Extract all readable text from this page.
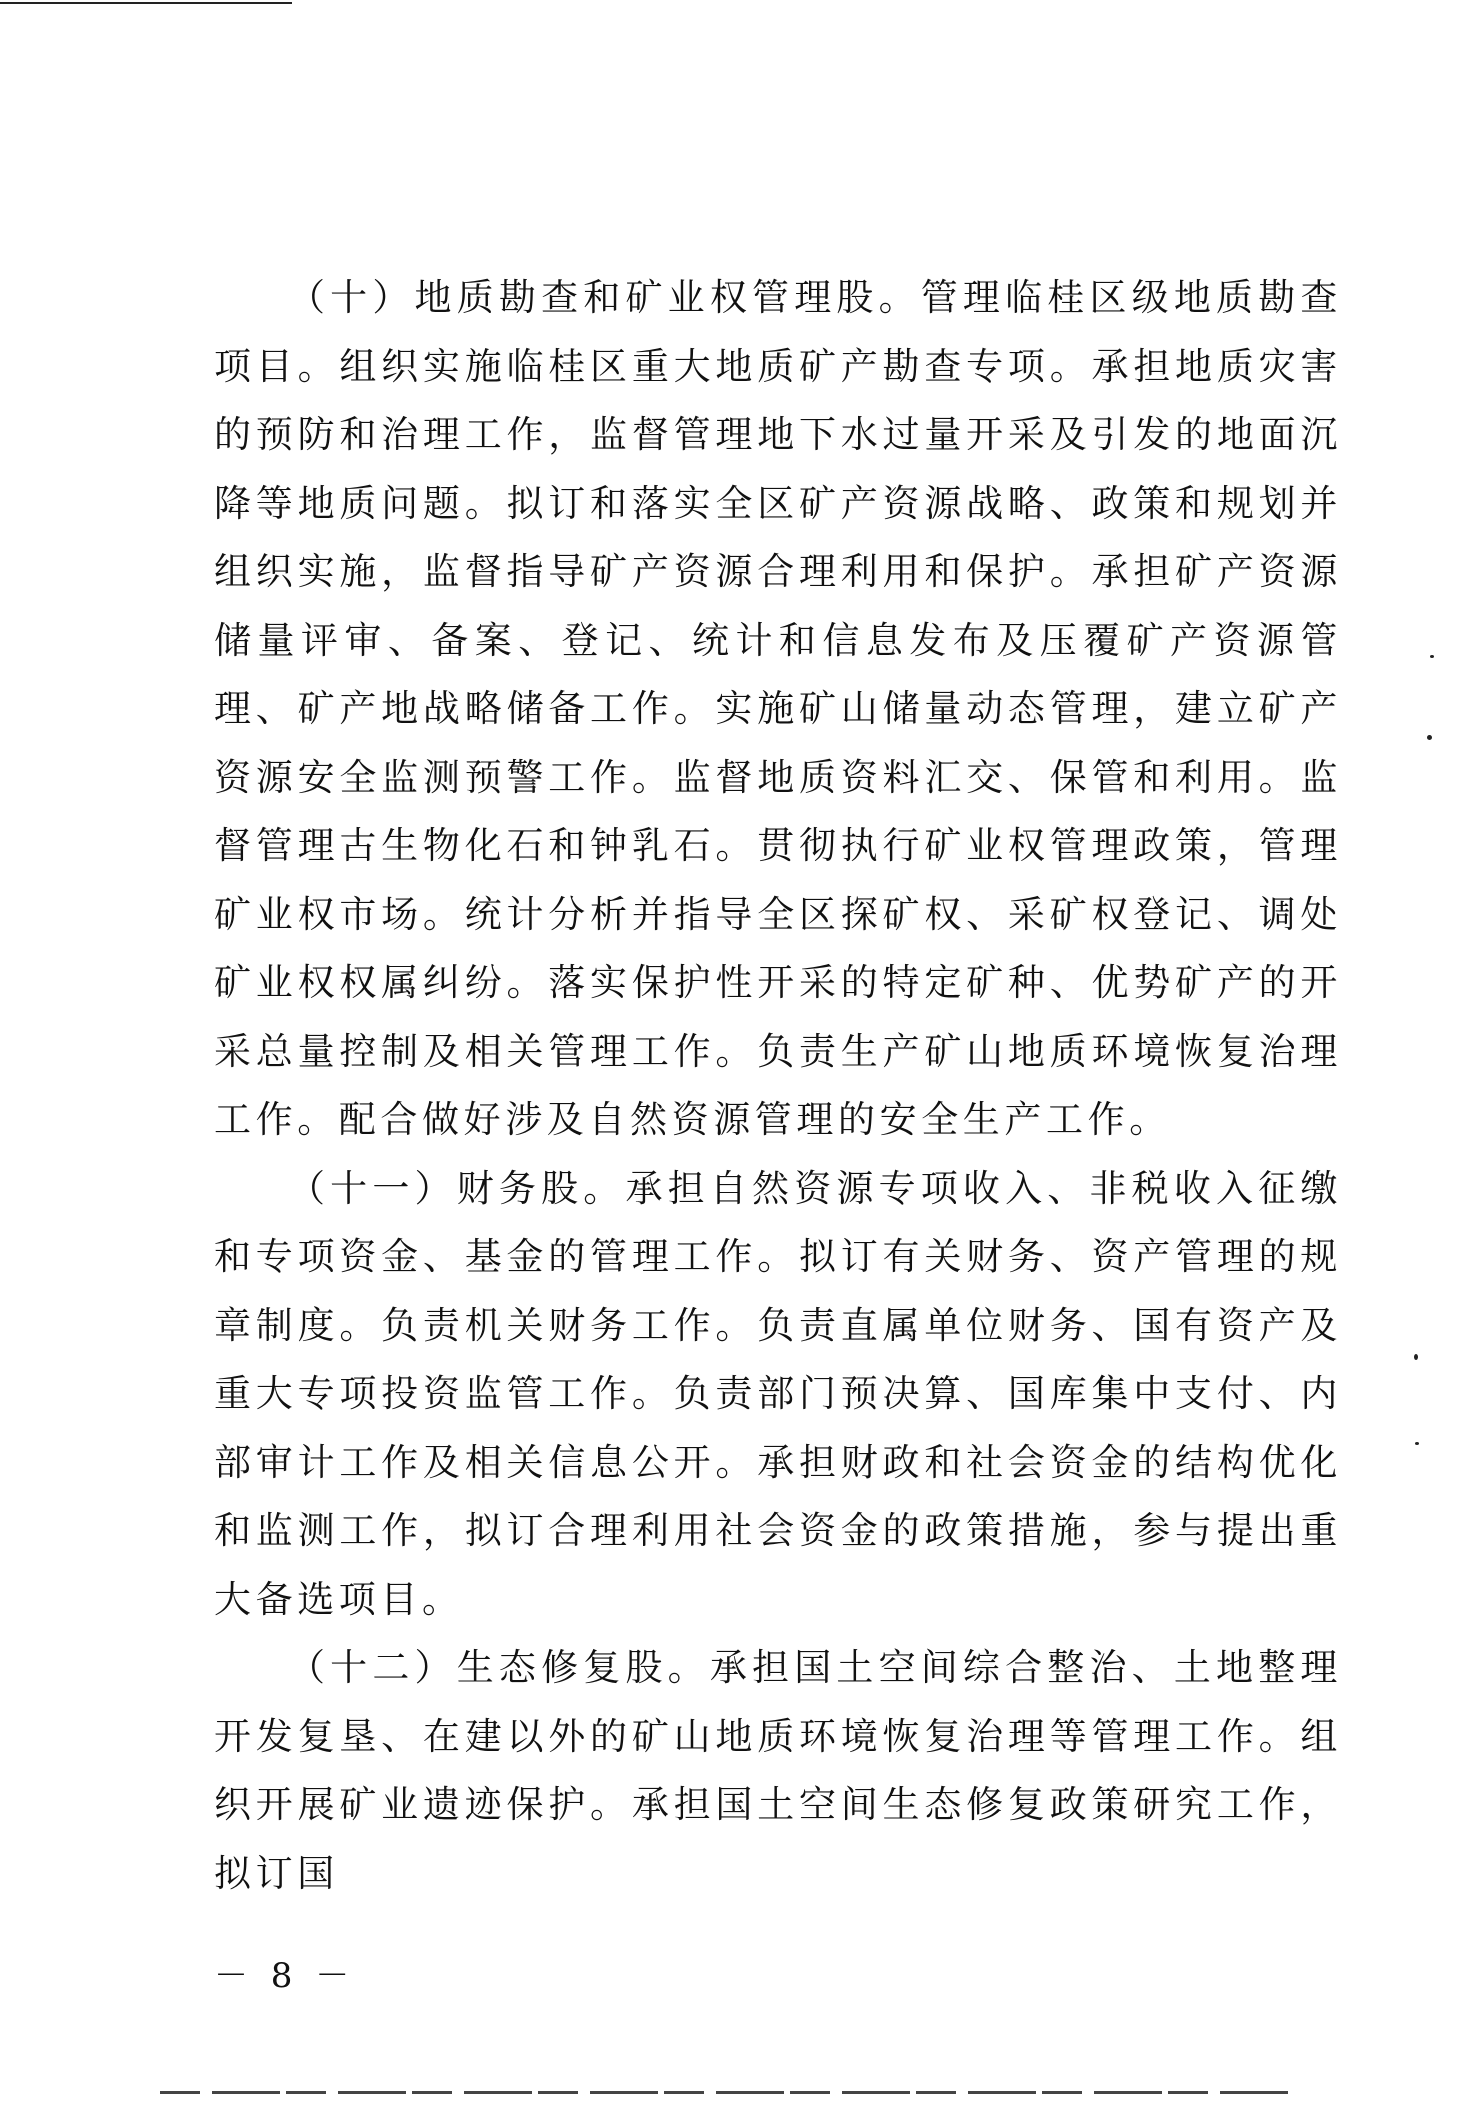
（十）地质勘查和矿业权管理股。管理临桂区级地质勘查项目。组织实施临桂区重大地质矿产勘查专项。承担地质灾害的预防和治理工作，监督管理地下水过量开采及引发的地面沉降等地质问题。拟订和落实全区矿产资源战略、政策和规划并组织实施，监督指导矿产资源合理利用和保护。承担矿产资源储量评审、备案、登记、统计和信息发布及压覆矿产资源管理、矿产地战略储备工作。实施矿山储量动态管理，建立矿产资源安全监测预警工作。监督地质资料汇交、保管和利用。监督管理古生物化石和钟乳石。贯彻执行矿业权管理政策，管理矿业权市场。统计分析并指导全区探矿权、采矿权登记、调处矿业权权属纠纷。落实保护性开采的特定矿种、优势矿产的开采总量控制及相关管理工作。负责生产矿山地质环境恢复治理工作。配合做好涉及自然资源管理的安全生产工作。

（十一）财务股。承担自然资源专项收入、非税收入征缴和专项资金、基金的管理工作。拟订有关财务、资产管理的规章制度。负责机关财务工作。负责直属单位财务、国有资产及重大专项投资监管工作。负责部门预决算、国库集中支付、内部审计工作及相关信息公开。承担财政和社会资金的结构优化和监测工作，拟订合理利用社会资金的政策措施，参与提出重大备选项目。

（十二）生态修复股。承担国土空间综合整治、土地整理开发复垦、在建以外的矿山地质环境恢复治理等管理工作。组织开展矿业遗迹保护。承担国土空间生态修复政策研究工作，拟订国

－ 8 －
